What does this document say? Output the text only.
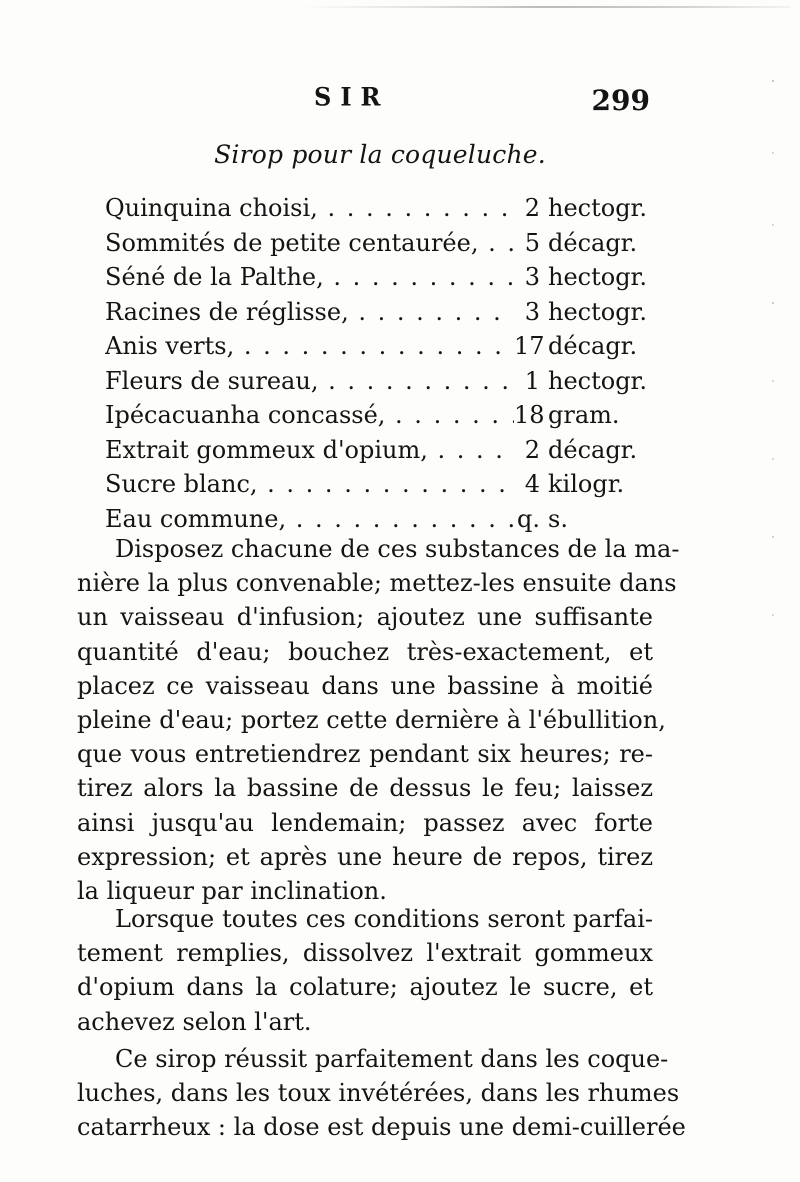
SIR	299
Sirop pour la coqueluche.
Quinquina choisi, . . .	2 hectogr.
Sommités de petite centaurée, . . .	5 décagr.
Séné de la Palthe, . . .	3 hectogr.
Racines de réglisse, . . .	3 hectogr.
Anis verts, . . .	17 décagr.
Fleurs de sureau, . . .	1 hectogr.
Ipécacuanha concassé, . . .	18 gram.
Extrait gommeux d'opium, . . .	2 décagr.
Sucre blanc, . . .	4 kilogr.
Eau commune, . . .	q. s.
Disposez chacune de ces substances de la ma-
nière la plus convenable; mettez-les ensuite dans
un vaisseau d'infusion; ajoutez une suffisante
quantité d'eau; bouchez très-exactement, et
placez ce vaisseau dans une bassine à moitié
pleine d'eau; portez cette dernière à l'ébullition,
que vous entretiendrez pendant six heures; re-
tirez alors la bassine de dessus le feu; laissez
ainsi jusqu'au lendemain; passez avec forte
expression; et après une heure de repos, tirez
la liqueur par inclination.
Lorsque toutes ces conditions seront parfai-
tement remplies, dissolvez l'extrait gommeux
d'opium dans la colature; ajoutez le sucre, et
achevez selon l'art.
Ce sirop réussit parfaitement dans les coque-
luches, dans les toux invétérées, dans les rhumes
catarrheux : la dose est depuis une demi-cuillerée
